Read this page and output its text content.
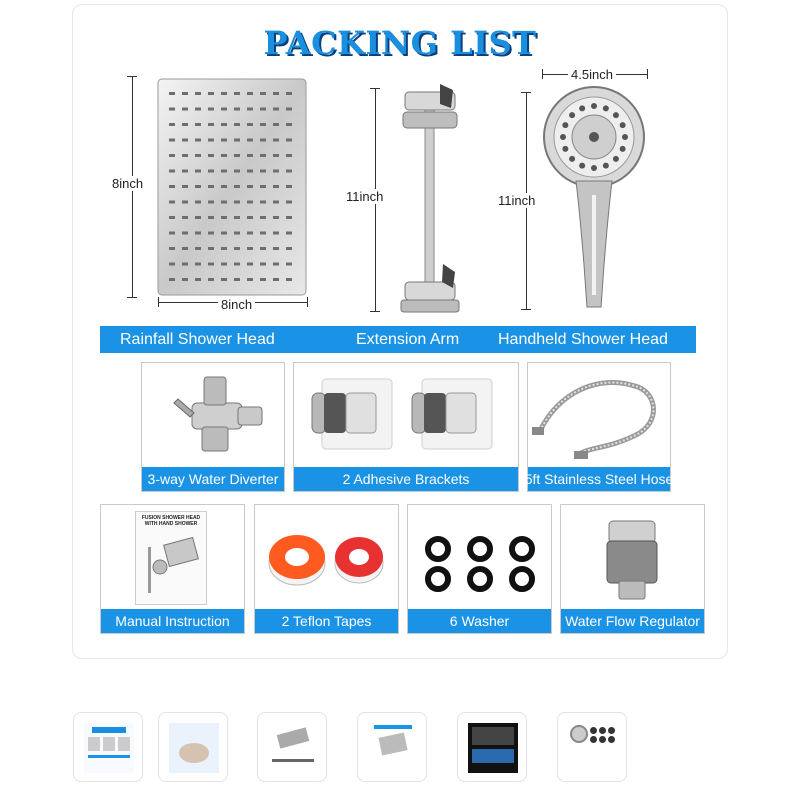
PACKING LIST
8inch
8inch
11inch
4.5inch
11inch
Rainfall Shower Head	Extension Arm Handheld Shower Head
3-way Water Diverter	2 Adhesive Brackets	5ft Stainless Steel Hose
FUSION SHOWER HEAD
WITH HAND SHOWER
Manual Instruction	2 Teflon Tapes	6 Washer	Water Flow Regulator
